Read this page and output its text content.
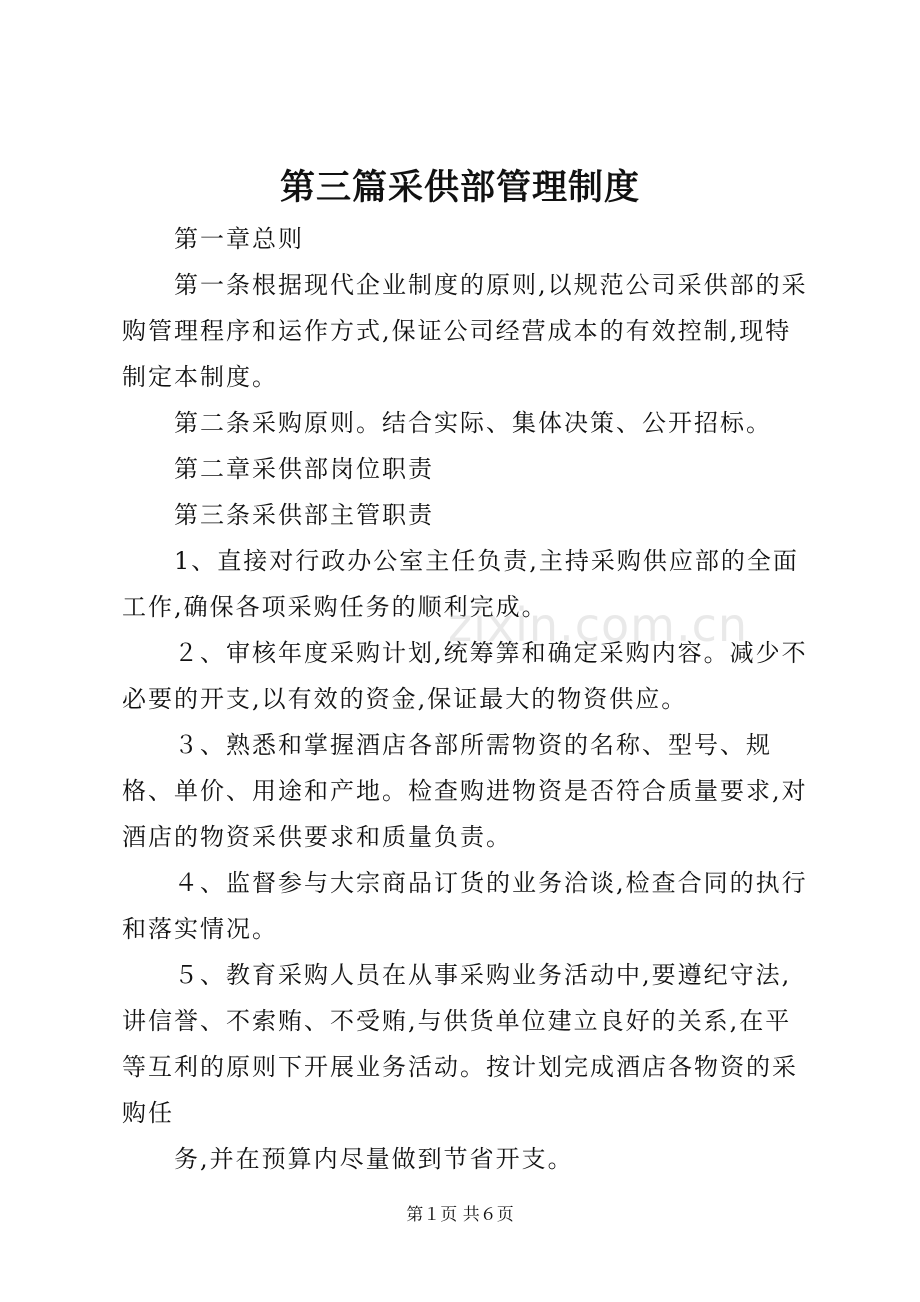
第三篇采供部管理制度

第一章总则

第一条根据现代企业制度的原则,以规范公司采供部的采购管理程序和运作方式,保证公司经营成本的有效控制,现特制定本制度。

第二条采购原则。结合实际、集体决策、公开招标。

第二章采供部岗位职责

第三条采供部主管职责

1、直接对行政办公室主任负责,主持采购供应部的全面工作,确保各项采购任务的顺利完成。

２、审核年度采购计划,统筹筭和确定采购内容。减少不必要的开支,以有效的资金,保证最大的物资供应。

３、熟悉和掌握酒店各部所需物资的名称、型号、规格、单价、用途和产地。检查购进物资是否符合质量要求,对酒店的物资采供要求和质量负责。

４、监督参与大宗商品订货的业务洽谈,检查合同的执行和落实情况。

５、教育采购人员在从事采购业务活动中,要遵纪守法,讲信誉、不索贿、不受贿,与供货单位建立良好的关系,在平等互利的原则下开展业务活动。按计划完成酒店各物资的采购任

务,并在预算内尽量做到节省开支。

zixin.com.cn
第１页 共６页
